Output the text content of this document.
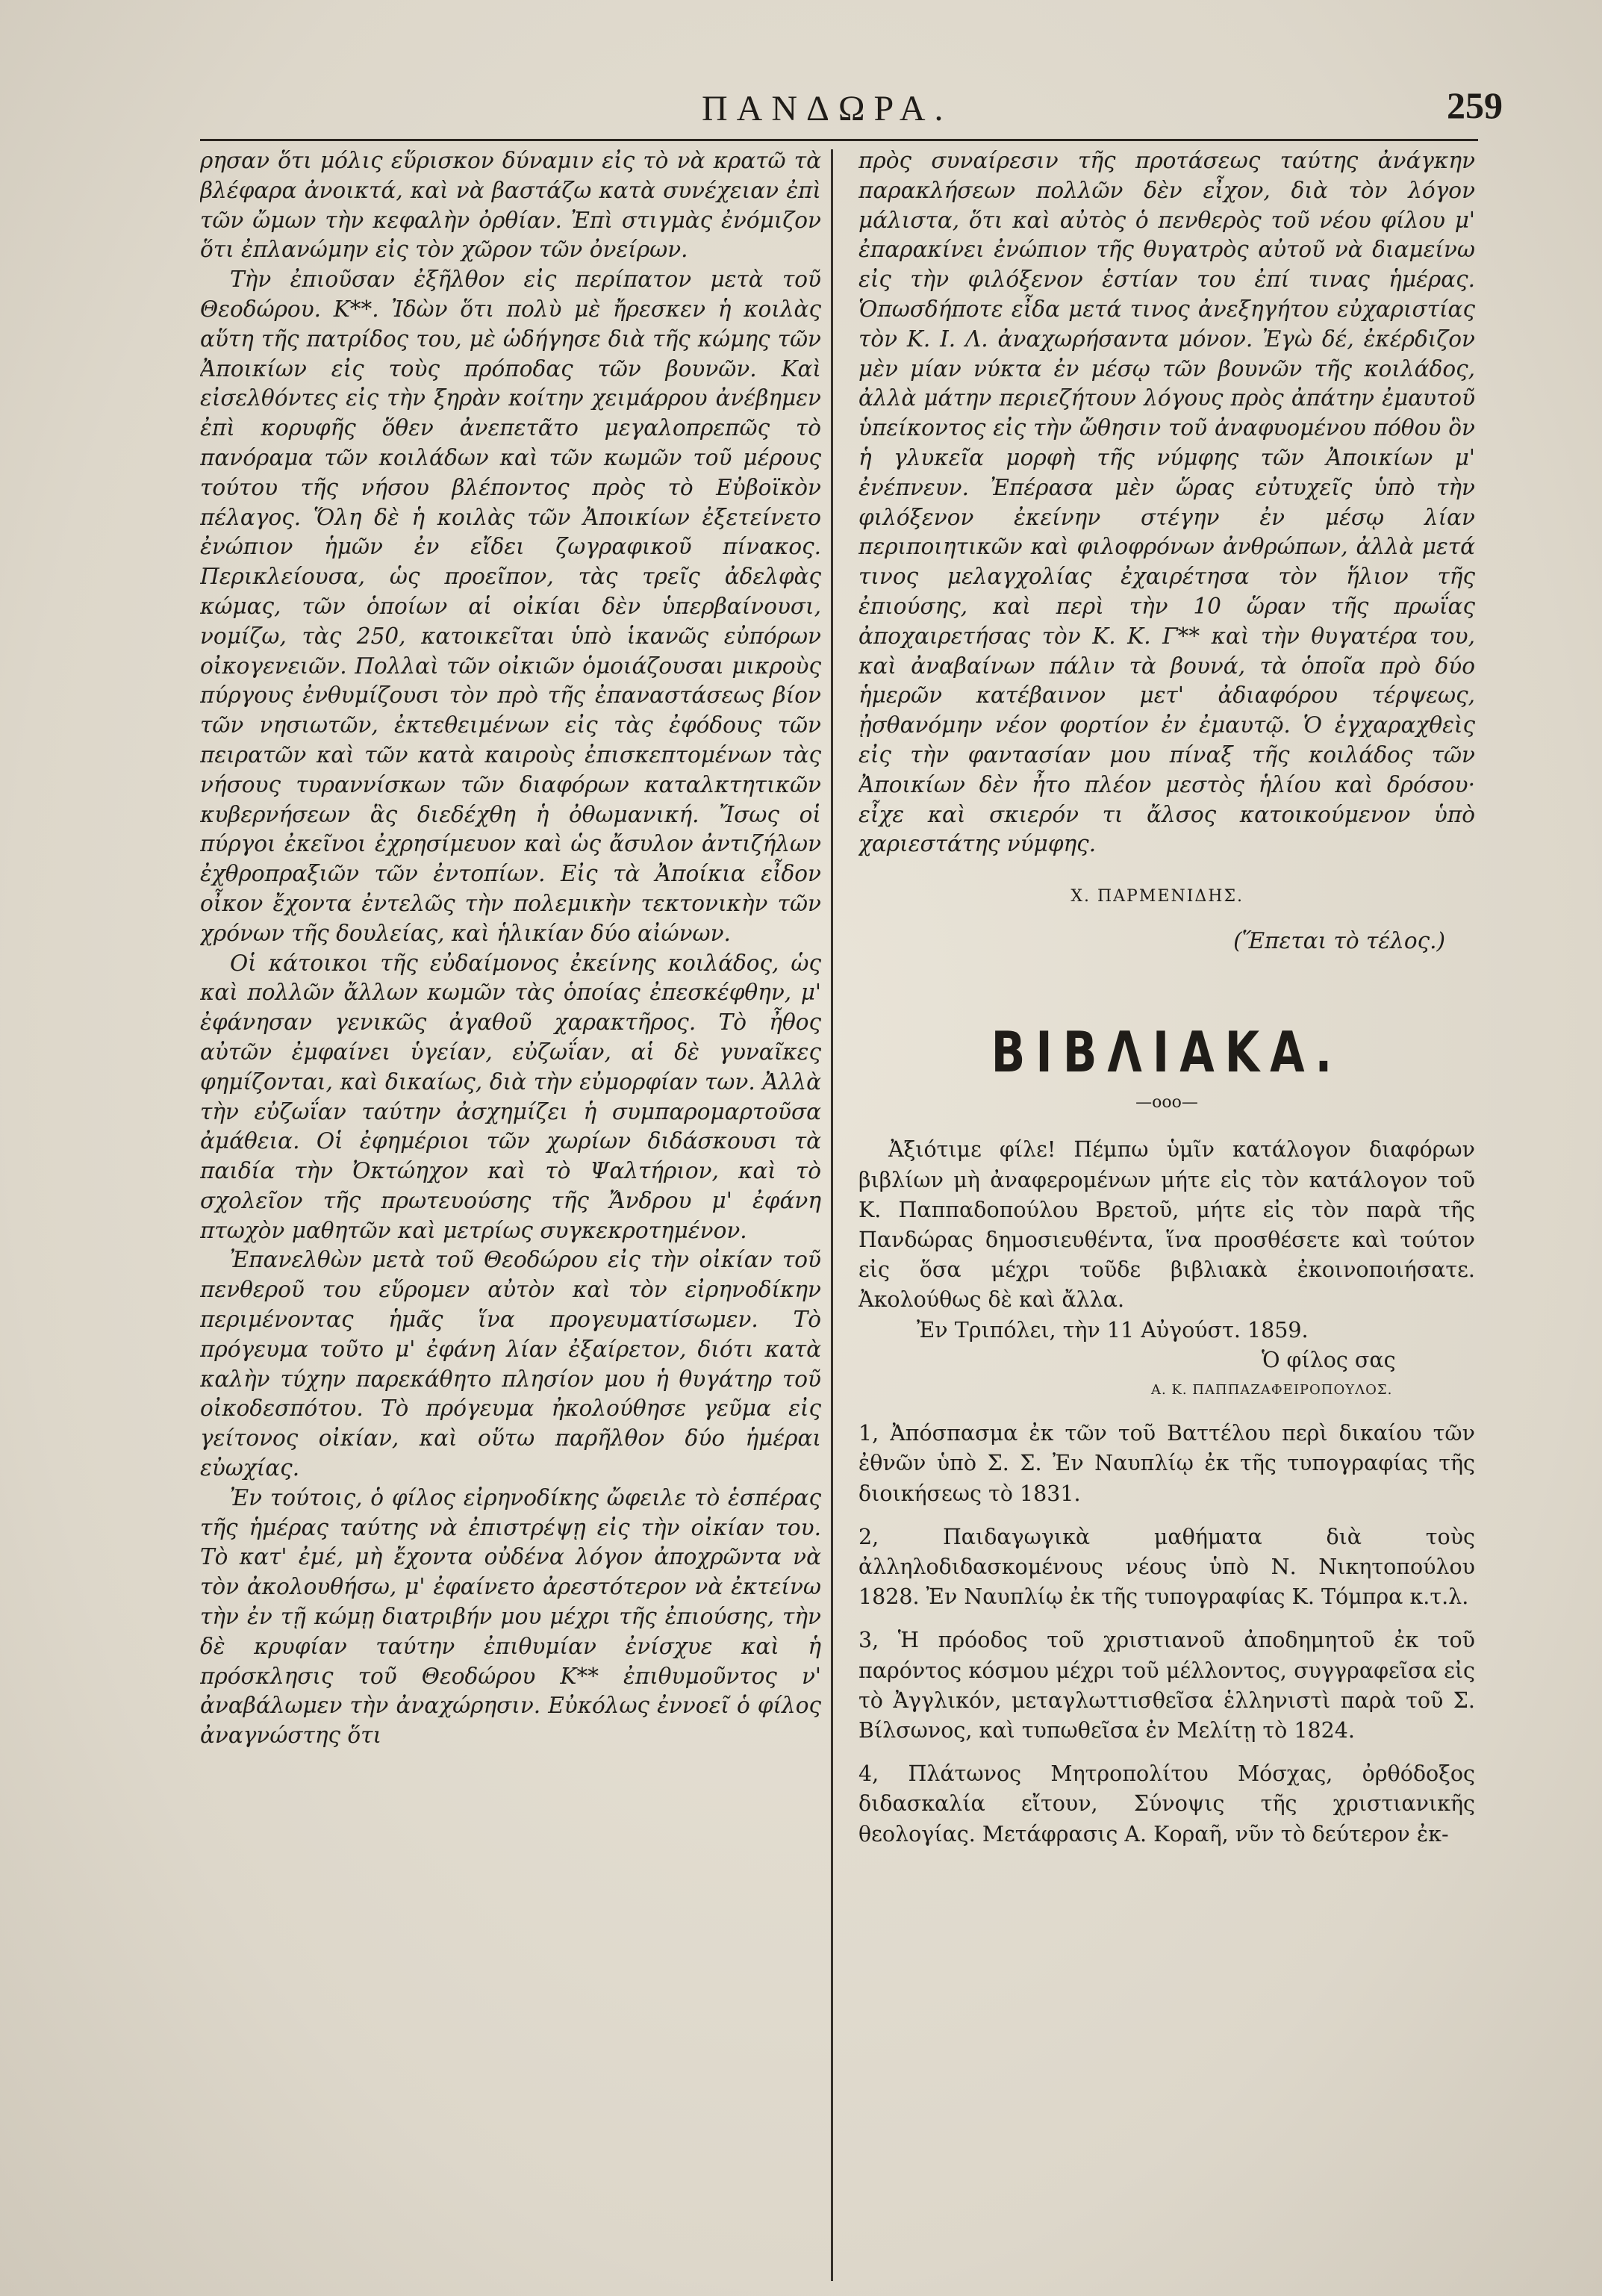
ΠΑΝΔΩΡΑ.	259

ρησαν ὅτι μόλις εὕρισκον δύναμιν εἰς τὸ νὰ κρατῶ τὰ βλέφαρα ἀνοικτά, καὶ νὰ βαστάζω κατὰ συνέχειαν ἐπὶ τῶν ὤμων τὴν κεφαλὴν ὀρθίαν. Ἐπὶ στιγμὰς ἐνόμιζον ὅτι ἐπλανώμην εἰς τὸν χῶρον τῶν ὀνείρων.

Τὴν ἐπιοῦσαν ἐξῆλθον εἰς περίπατον μετὰ τοῦ Θεοδώρου. Κ**. Ἰδὼν ὅτι πολὺ μὲ ἤρεσκεν ἡ κοιλὰς αὕτη τῆς πατρίδος του, μὲ ὡδήγησε διὰ τῆς κώμης τῶν Ἀποικίων εἰς τοὺς πρόποδας τῶν βουνῶν. Καὶ εἰσελθόντες εἰς τὴν ξηρὰν κοίτην χειμάρρου ἀνέβημεν ἐπὶ κορυφῆς ὅθεν ἀνεπετᾶτο μεγαλοπρεπῶς τὸ πανόραμα τῶν κοιλάδων καὶ τῶν κωμῶν τοῦ μέρους τούτου τῆς νήσου βλέποντος πρὸς τὸ Εὐβοϊκὸν πέλαγος. Ὅλη δὲ ἡ κοιλὰς τῶν Ἀποικίων ἐξετείνετο ἐνώπιον ἡμῶν ἐν εἴδει ζωγραφικοῦ πίνακος. Περικλείουσα, ὡς προεῖπον, τὰς τρεῖς ἀδελφὰς κώμας, τῶν ὁποίων αἱ οἰκίαι δὲν ὑπερβαίνουσι, νομίζω, τὰς 250, κατοικεῖται ὑπὸ ἱκανῶς εὐπόρων οἰκογενειῶν. Πολλαὶ τῶν οἰκιῶν ὁμοιάζουσαι μικροὺς πύργους ἐνθυμίζουσι τὸν πρὸ τῆς ἐπαναστάσεως βίον τῶν νησιωτῶν, ἐκτεθειμένων εἰς τὰς ἐφόδους τῶν πειρατῶν καὶ τῶν κατὰ καιροὺς ἐπισκεπτομένων τὰς νήσους τυραννίσκων τῶν διαφόρων καταλκτητικῶν κυβερνήσεων ἃς διεδέχθη ἡ ὀθωμανική. Ἴσως οἱ πύργοι ἐκεῖνοι ἐχρησίμευον καὶ ὡς ἄσυλον ἀντιζήλων ἐχθροπραξιῶν τῶν ἐντοπίων. Εἰς τὰ Ἀποίκια εἶδον οἶκον ἔχοντα ἐντελῶς τὴν πολεμικὴν τεκτονικὴν τῶν χρόνων τῆς δουλείας, καὶ ἡλικίαν δύο αἰώνων.

Οἱ κάτοικοι τῆς εὐδαίμονος ἐκείνης κοιλάδος, ὡς καὶ πολλῶν ἄλλων κωμῶν τὰς ὁποίας ἐπεσκέφθην, μ' ἐφάνησαν γενικῶς ἀγαθοῦ χαρακτῆρος. Τὸ ἦθος αὐτῶν ἐμφαίνει ὑγείαν, εὐζωΐαν, αἱ δὲ γυναῖκες φημίζονται, καὶ δικαίως, διὰ τὴν εὐμορφίαν των. Ἀλλὰ τὴν εὐζωΐαν ταύτην ἀσχημίζει ἡ συμπαρομαρτοῦσα ἀμάθεια. Οἱ ἐφημέριοι τῶν χωρίων διδάσκουσι τὰ παιδία τὴν Ὀκτώηχον καὶ τὸ Ψαλτήριον, καὶ τὸ σχολεῖον τῆς πρωτευούσης τῆς Ἄνδρου μ' ἐφάνη πτωχὸν μαθητῶν καὶ μετρίως συγκεκροτημένον.

Ἐπανελθὼν μετὰ τοῦ Θεοδώρου εἰς τὴν οἰκίαν τοῦ πενθεροῦ του εὕρομεν αὐτὸν καὶ τὸν εἰρηνοδίκην περιμένοντας ἡμᾶς ἵνα προγευματίσωμεν. Τὸ πρόγευμα τοῦτο μ' ἐφάνη λίαν ἐξαίρετον, διότι κατὰ καλὴν τύχην παρεκάθητο πλησίον μου ἡ θυγάτηρ τοῦ οἰκοδεσπότου. Τὸ πρόγευμα ἠκολούθησε γεῦμα εἰς γείτονος οἰκίαν, καὶ οὕτω παρῆλθον δύο ἡμέραι εὐωχίας.

Ἐν τούτοις, ὁ φίλος εἰρηνοδίκης ὤφειλε τὸ ἑσπέρας τῆς ἡμέρας ταύτης νὰ ἐπιστρέψῃ εἰς τὴν οἰκίαν του. Τὸ κατ' ἐμέ, μὴ ἔχοντα οὐδένα λόγον ἀποχρῶντα νὰ τὸν ἀκολουθήσω, μ' ἐφαίνετο ἀρεστότερον νὰ ἐκτείνω τὴν ἐν τῇ κώμῃ διατριβήν μου μέχρι τῆς ἐπιούσης, τὴν δὲ κρυφίαν ταύτην ἐπιθυμίαν ἐνίσχυε καὶ ἡ πρόσκλησις τοῦ Θεοδώρου Κ** ἐπιθυμοῦντος ν' ἀναβάλωμεν τὴν ἀναχώρησιν. Εὐκόλως ἐννοεῖ ὁ φίλος ἀναγνώστης ὅτι

πρὸς συναίρεσιν τῆς προτάσεως ταύτης ἀνάγκην παρακλήσεων πολλῶν δὲν εἶχον, διὰ τὸν λόγον μάλιστα, ὅτι καὶ αὐτὸς ὁ πενθερὸς τοῦ νέου φίλου μ' ἐπαρακίνει ἐνώπιον τῆς θυγατρὸς αὐτοῦ νὰ διαμείνω εἰς τὴν φιλόξενον ἑστίαν του ἐπί τινας ἡμέρας. Ὁπωσδήποτε εἶδα μετά τινος ἀνεξηγήτου εὐχαριστίας τὸν Κ. Ι. Λ. ἀναχωρήσαντα μόνον. Ἐγὼ δέ, ἐκέρδιζον μὲν μίαν νύκτα ἐν μέσῳ τῶν βουνῶν τῆς κοιλάδος, ἀλλὰ μάτην περιεζήτουν λόγους πρὸς ἀπάτην ἐμαυτοῦ ὑπείκοντος εἰς τὴν ὤθησιν τοῦ ἀναφυομένου πόθου ὃν ἡ γλυκεῖα μορφὴ τῆς νύμφης τῶν Ἀποικίων μ' ἐνέπνευν. Ἐπέρασα μὲν ὥρας εὐτυχεῖς ὑπὸ τὴν φιλόξενον ἐκείνην στέγην ἐν μέσῳ λίαν περιποιητικῶν καὶ φιλοφρόνων ἀνθρώπων, ἀλλὰ μετά τινος μελαγχολίας ἐχαιρέτησα τὸν ἥλιον τῆς ἐπιούσης, καὶ περὶ τὴν 10 ὥραν τῆς πρωΐας ἀποχαιρετήσας τὸν Κ. Κ. Γ** καὶ τὴν θυγατέρα του, καὶ ἀναβαίνων πάλιν τὰ βουνά, τὰ ὁποῖα πρὸ δύο ἡμερῶν κατέβαινον μετ' ἀδιαφόρου τέρψεως, ᾐσθανόμην νέον φορτίον ἐν ἐμαυτῷ. Ὁ ἐγχαραχθεὶς εἰς τὴν φαντασίαν μου πίναξ τῆς κοιλάδος τῶν Ἀποικίων δὲν ἦτο πλέον μεστὸς ἡλίου καὶ δρόσου· εἶχε καὶ σκιερόν τι ἄλσος κατοικούμενον ὑπὸ χαριεστάτης νύμφης.

Χ. ΠΑΡΜΕΝΙΔΗΣ.
(Ἕπεται τὸ τέλος.)
ΒΙΒΛΙΑΚΑ.
—ooo—

Ἀξιότιμε φίλε! Πέμπω ὑμῖν κατάλογον διαφόρων βιβλίων μὴ ἀναφερομένων μήτε εἰς τὸν κατάλογον τοῦ Κ. Παππαδοπούλου Βρετοῦ, μήτε εἰς τὸν παρὰ τῆς Πανδώρας δημοσιευθέντα, ἵνα προσθέσετε καὶ τούτον εἰς ὅσα μέχρι τοῦδε βιβλιακὰ ἐκοινοποιήσατε. Ἀκολούθως δὲ καὶ ἄλλα.

Ἐν Τριπόλει, τὴν 11 Αὐγούστ. 1859.

Ὁ φίλος σας

Α. Κ. ΠΑΠΠΑΖΑΦΕΙΡΟΠΟΥΛΟΣ.

1, Ἀπόσπασμα ἐκ τῶν τοῦ Βαττέλου περὶ δικαίου τῶν ἐθνῶν ὑπὸ Σ. Σ. Ἐν Ναυπλίῳ ἐκ τῆς τυπογραφίας τῆς διοικήσεως τὸ 1831.

2, Παιδαγωγικὰ μαθήματα διὰ τοὺς ἀλληλοδιδασκομένους νέους ὑπὸ Ν. Νικητοπούλου 1828. Ἐν Ναυπλίῳ ἐκ τῆς τυπογραφίας Κ. Τόμπρα κ.τ.λ.

3, Ἡ πρόοδος τοῦ χριστιανοῦ ἀποδημητοῦ ἐκ τοῦ παρόντος κόσμου μέχρι τοῦ μέλλοντος, συγγραφεῖσα εἰς τὸ Ἀγγλικόν, μεταγλωττισθεῖσα ἑλληνιστὶ παρὰ τοῦ Σ. Βίλσωνος, καὶ τυπωθεῖσα ἐν Μελίτῃ τὸ 1824.

4, Πλάτωνος Μητροπολίτου Μόσχας, ὀρθόδοξος διδασκαλία εἴτουν, Σύνοψις τῆς χριστιανικῆς θεολογίας. Μετάφρασις Α. Κοραῆ, νῦν τὸ δεύτερον ἐκ-
